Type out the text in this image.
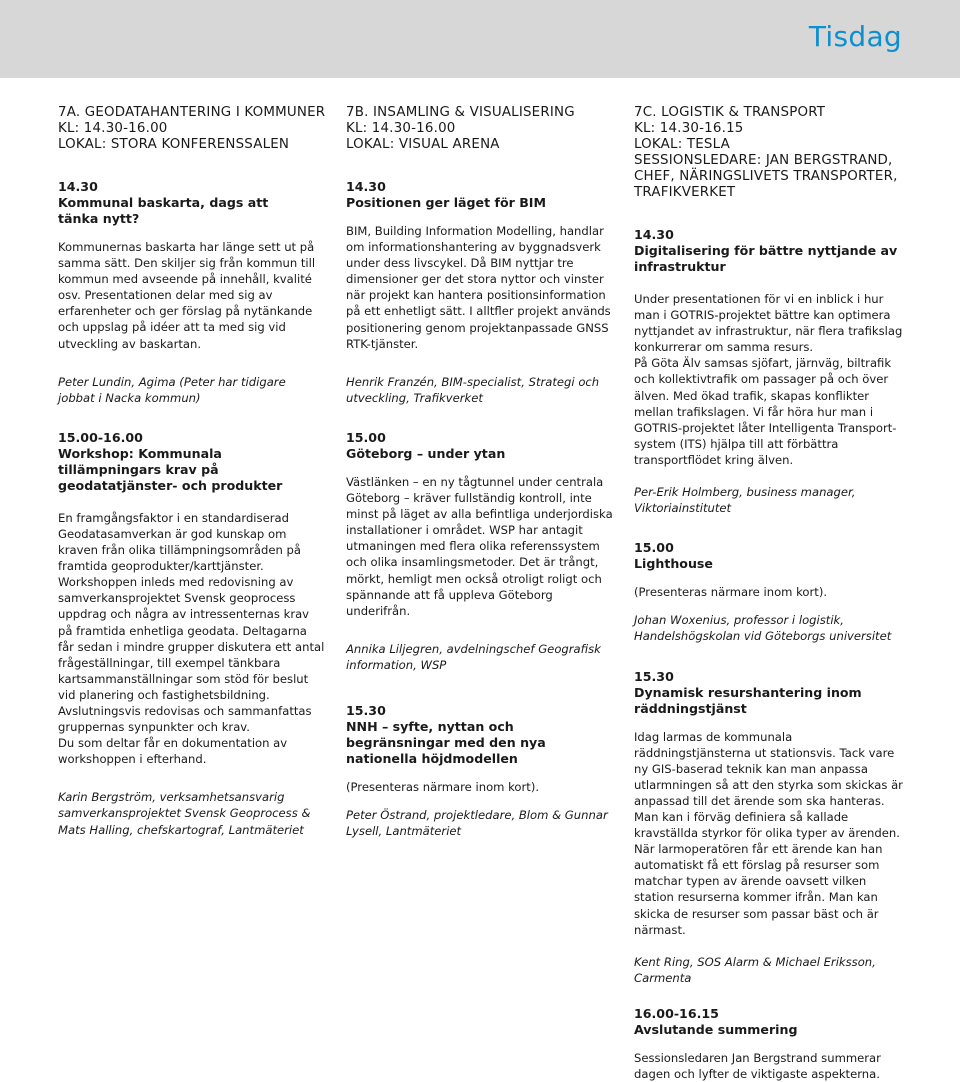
Tisdag
7A. GEODATAHANTERING I KOMMUNER
KL: 14.30-16.00
LOKAL: STORA KONFERENSSALEN
14.30
Kommunal baskarta, dags att tänka nytt?

Kommunernas baskarta har länge sett ut på samma sätt. Den skiljer sig från kommun till kommun med avseende på innehåll, kvalité osv. Presentationen delar med sig av erfarenheter och ger förslag på nytänkande och uppslag på idéer att ta med sig vid utveckling av baskartan.

Peter Lundin, Agima (Peter har tidigare jobbat i Nacka kommun)
15.00-16.00
Workshop: Kommunala tillämpningars krav på geodatatjänster- och produkter

En framgångsfaktor i en standardiserad Geodatasamverkan är god kunskap om kraven från olika tillämpningsområden på framtida geoprodukter/karttjänster. Workshoppen inleds med redovisning av samverkansprojektet Svensk geoprocess uppdrag och några av intressenternas krav på framtida enhetliga geodata. Deltagarna får sedan i mindre grupper diskutera ett antal frågeställningar, till exempel tänkbara kartsammanställningar som stöd för beslut vid planering och fastighetsbildning. Avslutningsvis redovisas och sammanfattas gruppernas synpunkter och krav.

Du som deltar får en dokumentation av workshoppen i efterhand.

Karin Bergström, verksamhetsansvarig samverkansprojektet Svensk Geoprocess & Mats Halling, chefskartograf, Lantmäteriet
7B. INSAMLING & VISUALISERING
KL: 14.30-16.00
LOKAL: VISUAL ARENA
14.30
Positionen ger läget för BIM

BIM, Building Information Modelling, handlar om informationshantering av byggnadsverk under dess livscykel. Då BIM nyttjar tre dimensioner ger det stora nyttor och vinster när projekt kan hantera positionsinformation på ett enhetligt sätt. I alltfler projekt används positionering genom projektanpassade GNSS RTK-tjänster.

Henrik Franzén, BIM-specialist, Strategi och utveckling, Trafikverket
15.00
Göteborg – under ytan

Västlänken – en ny tågtunnel under centrala Göteborg – kräver fullständig kontroll, inte minst på läget av alla befintliga underjordiska installationer i området. WSP har antagit utmaningen med flera olika referenssystem och olika insamlingsmetoder. Det är trångt, mörkt, hemligt men också otroligt roligt och spännande att få uppleva Göteborg underifrån.

Annika Liljegren, avdelningschef Geografisk information, WSP
15.30
NNH – syfte, nyttan och begränsningar med den nya nationella höjdmodellen

(Presenteras närmare inom kort).

Peter Östrand, projektledare, Blom & Gunnar Lysell, Lantmäteriet
7C. LOGISTIK & TRANSPORT
KL: 14.30-16.15
LOKAL: TESLA
SESSIONSLEDARE: JAN BERGSTRAND, CHEF, NÄRINGSLIVETS TRANSPORTER, TRAFIKVERKET
14.30
Digitalisering för bättre nyttjande av infrastruktur

Under presentationen för vi en inblick i hur man i GOTRIS-projektet bättre kan optimera nyttjandet av infrastruktur, när flera trafikslag konkurrerar om samma resurs.

På Göta Älv samsas sjöfart, järnväg, biltrafik och kollektivtrafik om passager på och över älven. Med ökad trafik, skapas konflikter mellan trafikslagen. Vi får höra hur man i GOTRIS-projektet låter Intelligenta Transport-system (ITS) hjälpa till att förbättra transportflödet kring älven.

Per-Erik Holmberg, business manager, Viktoriainstitutet
15.00
Lighthouse

(Presenteras närmare inom kort).

Johan Woxenius, professor i logistik, Handelshögskolan vid Göteborgs universitet
15.30
Dynamisk resurshantering inom räddningstjänst

Idag larmas de kommunala räddningstjänsterna ut stationsvis. Tack vare ny GIS-baserad teknik kan man anpassa utlarmningen så att den styrka som skickas är anpassad till det ärende som ska hanteras. Man kan i förväg definiera så kallade kravställda styrkor för olika typer av ärenden. När larmoperatören får ett ärende kan han automatiskt få ett förslag på resurser som matchar typen av ärende oavsett vilken station resurserna kommer ifrån. Man kan skicka de resurser som passar bäst och är närmast.

Kent Ring, SOS Alarm & Michael Eriksson, Carmenta
16.00-16.15
Avslutande summering

Sessionsledaren Jan Bergstrand summerar dagen och lyfter de viktigaste aspekterna.
